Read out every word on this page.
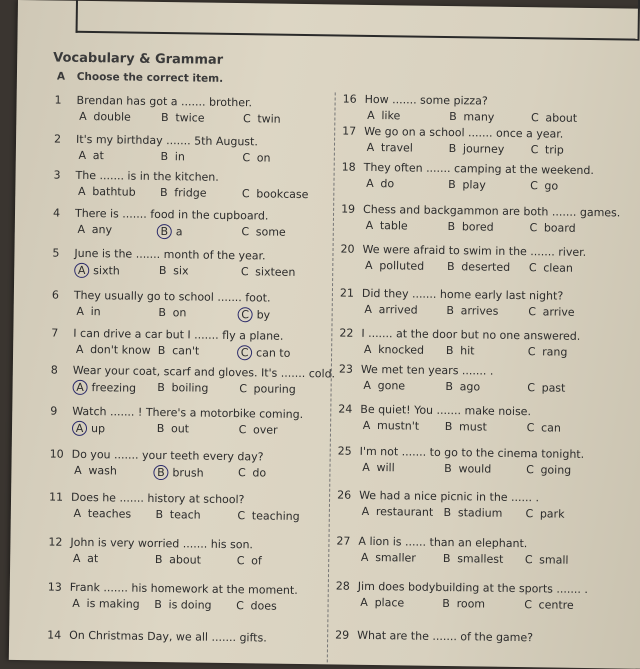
Vocabulary & Grammar
A Choose the correct item.
1	Brendan has got a ....... brother.
A double	B twice	C twin
2	It's my birthday ....... 5th August.
A at	B in	C on
3	The ....... is in the kitchen.
A bathtub B fridge	C bookcase
4	There is ....... food in the cupboard.
A any	B a	C some
5	June is the ....... month of the year.
A sixth	B six	C sixteen
6	They usually go to school ....... foot.
A in	B on	C by
7	I can drive a car but I ....... fly a plane.
A don't know B can't	C can to
8	Wear your coat, scarf and gloves. It's ....... cold.
A freezing B boiling	C pouring
9	Watch ....... ! There's a motorbike coming.
A up	B out	C over
10 Do you ....... your teeth every day?
A wash	B brush	C do
11 Does he ....... history at school?
A teaches B teach	C teaching
12 John is very worried ....... his son.
A at	B about	C of
13 Frank ....... his homework at the moment.
A is making B is doing C does
14 On Christmas Day, we all ....... gifts.
16 How ....... some pizza?
A like	B many	C about
17 We go on a school ....... once a year.
A travel	B journey C trip
18 They often ....... camping at the weekend.
A do	B play	C go
19 Chess and backgammon are both ....... games.
A table	B bored	C board
20 We were afraid to swim in the ....... river.
A polluted B deserted C clean
21 Did they ....... home early last night?
A arrived	B arrives	C arrive
22 I ....... at the door but no one answered.
A knocked B hit	C rang
23 We met ten years ....... .
A gone	B ago	C past
24 Be quiet! You ....... make noise.
A mustn't B must	C can
25 I'm not ....... to go to the cinema tonight.
A will	B would	C going
26 We had a nice picnic in the ...... .
A restaurant B stadium C park
27 A lion is ...... than an elephant.
A smaller B smallest C small
28 Jim does bodybuilding at the sports ....... .
A place	B room	C centre
29 What are the ....... of the game?
